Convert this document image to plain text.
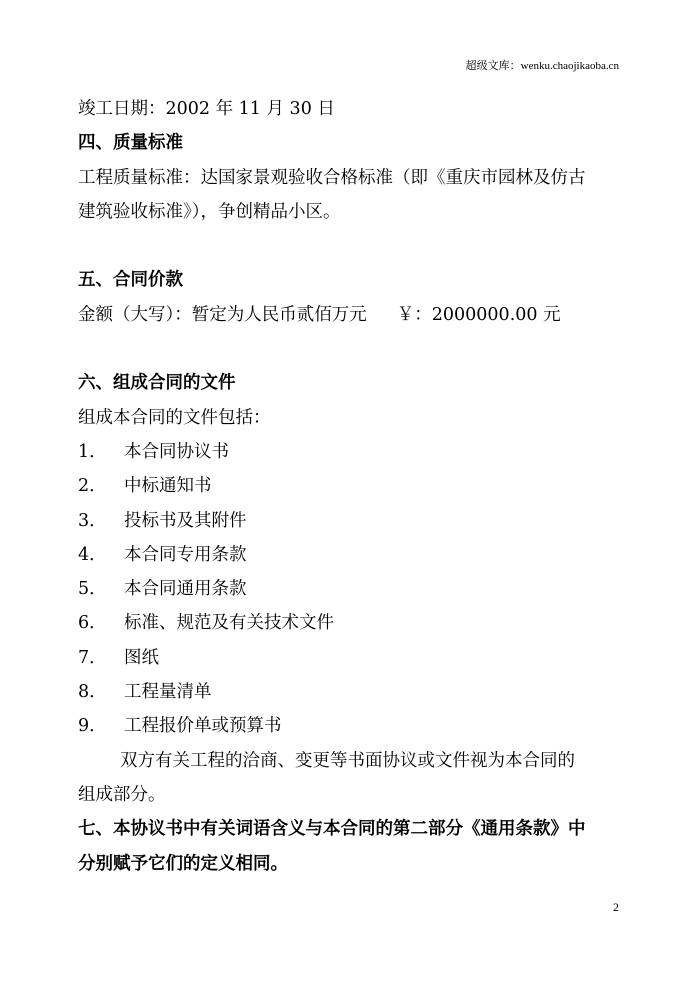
超级文库：wenku.chaojikaoba.cn
竣工日期：2002 年 11 月 30 日
四、质量标准
工程质量标准：达国家景观验收合格标准（即《重庆市园林及仿古
建筑验收标准》），争创精品小区。
五、合同价款
金额（大写）：暂定为人民币贰佰万元 ￥：2000000.00 元
六、组成合同的文件
组成本合同的文件包括：
1． 本合同协议书
2． 中标通知书
3． 投标书及其附件
4． 本合同专用条款
5． 本合同通用条款
6． 标准、规范及有关技术文件
7． 图纸
8． 工程量清单
9． 工程报价单或预算书
双方有关工程的洽商、变更等书面协议或文件视为本合同的
组成部分。
七、本协议书中有关词语含义与本合同的第二部分《通用条款》中
分别赋予它们的定义相同。
2
